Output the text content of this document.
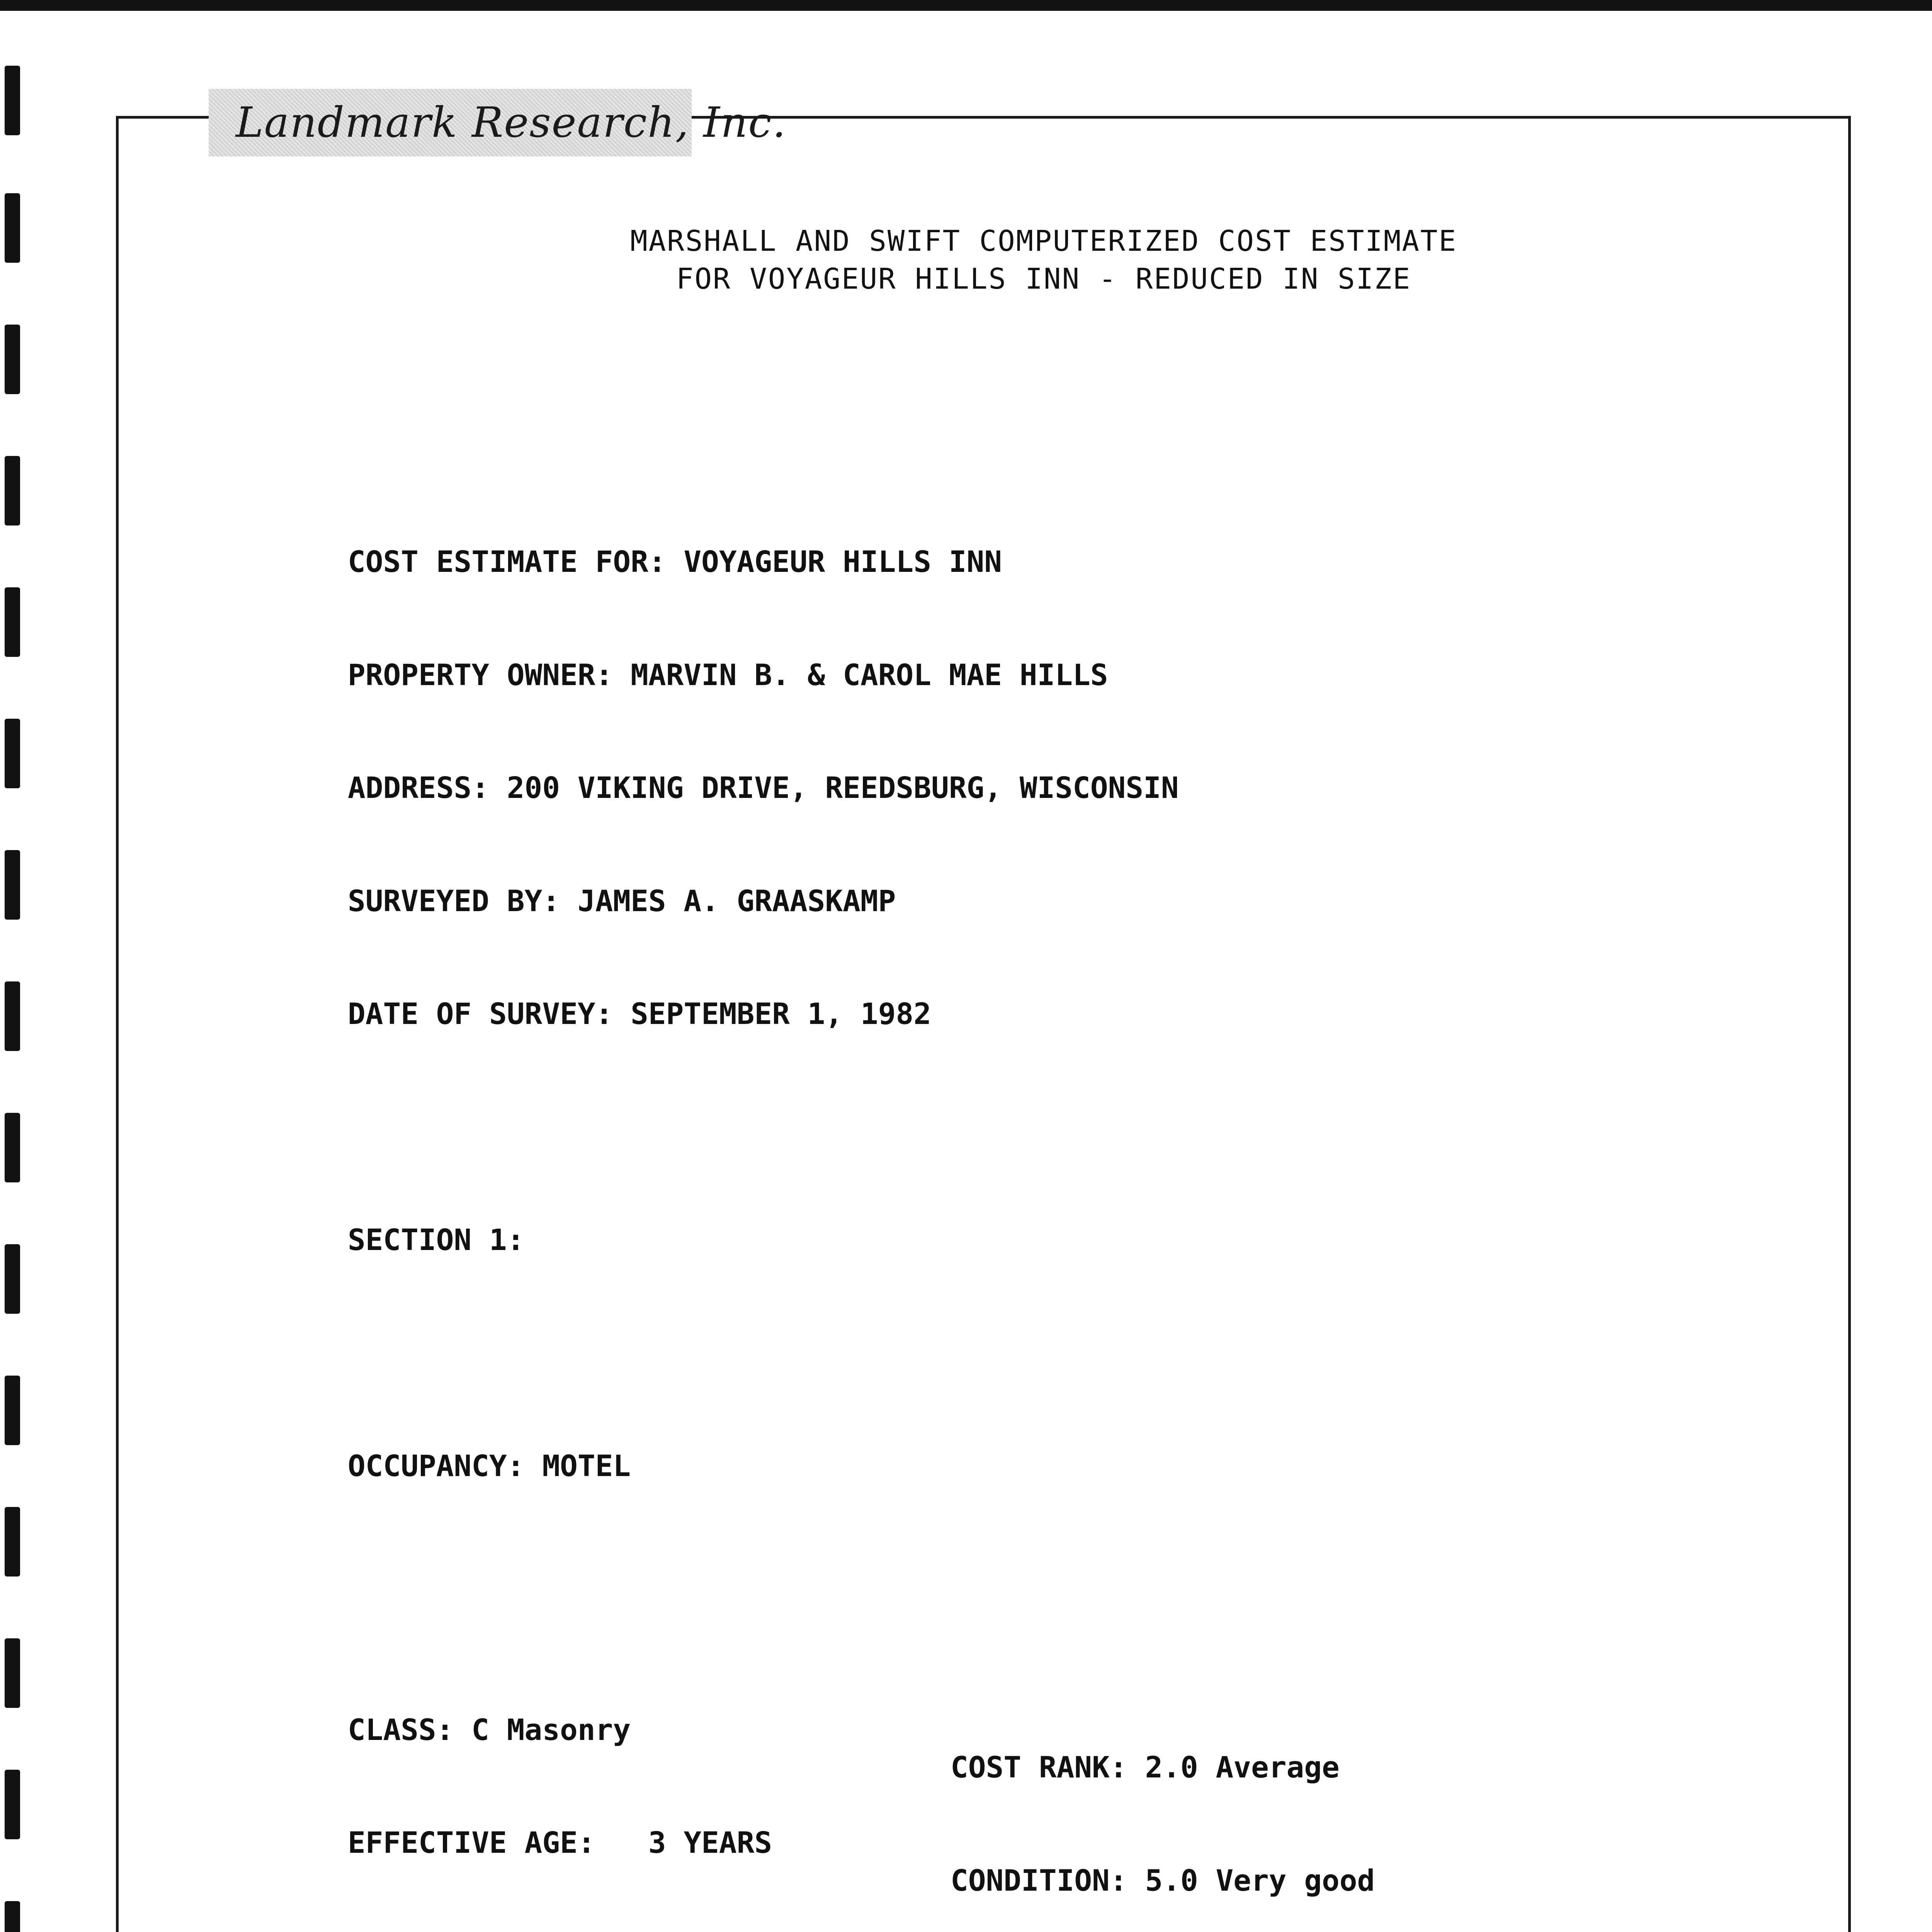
Landmark Research, Inc.
MARSHALL AND SWIFT COMPUTERIZED COST ESTIMATE
FOR VOYAGEUR HILLS INN - REDUCED IN SIZE

COST ESTIMATE FOR: VOYAGEUR HILLS INN

PROPERTY OWNER: MARVIN B. & CAROL MAE HILLS

ADDRESS: 200 VIKING DRIVE, REEDSBURG, WISCONSIN

SURVEYED BY: JAMES A. GRAASKAMP

DATE OF SURVEY: SEPTEMBER 1, 1982

SECTION 1:

OCCUPANCY: MOTEL

CLASS: C Masonry

COST RANK: 2.0 Average

EFFECTIVE AGE:   3 YEARS

CONDITION: 5.0 Very good
